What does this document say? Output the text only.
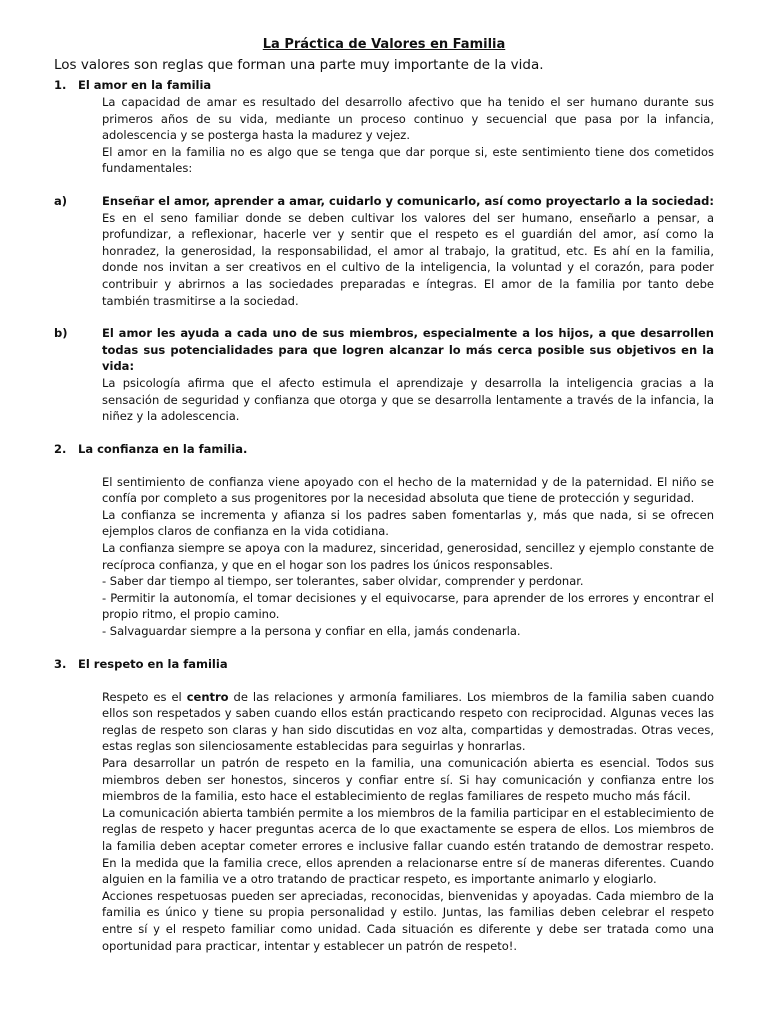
La Práctica de Valores en Familia

Los valores son reglas que forman una parte muy importante de la vida.

1. El amor en la familia

La capacidad de amar es resultado del desarrollo afectivo que ha tenido el ser humano durante sus primeros años de su vida, mediante un proceso continuo y secuencial que pasa por la infancia, adolescencia y se posterga hasta la madurez y vejez.

El amor en la familia no es algo que se tenga que dar porque si, este sentimiento tiene dos cometidos fundamentales:

a)	Enseñar el amor, aprender a amar, cuidarlo y comunicarlo, así como proyectarlo a la sociedad:

Es en el seno familiar donde se deben cultivar los valores del ser humano, enseñarlo a pensar, a profundizar, a reflexionar, hacerle ver y sentir que el respeto es el guardián del amor, así como la honradez, la generosidad, la responsabilidad, el amor al trabajo, la gratitud, etc. Es ahí en la familia, donde nos invitan a ser creativos en el cultivo de la inteligencia, la voluntad y el corazón, para poder contribuir y abrirnos a las sociedades preparadas e íntegras. El amor de la familia por tanto debe también trasmitirse a la sociedad.

b)	El amor les ayuda a cada uno de sus miembros, especialmente a los hijos, a que desarrollen todas sus potencialidades para que logren alcanzar lo más cerca posible sus objetivos en la vida:

La psicología afirma que el afecto estimula el aprendizaje y desarrolla la inteligencia gracias a la sensación de seguridad y confianza que otorga y que se desarrolla lentamente a través de la infancia, la niñez y la adolescencia.

2. La confianza en la familia.

El sentimiento de confianza viene apoyado con el hecho de la maternidad y de la paternidad. El niño se confía por completo a sus progenitores por la necesidad absoluta que tiene de protección y seguridad.

La confianza se incrementa y afianza si los padres saben fomentarlas y, más que nada, si se ofrecen ejemplos claros de confianza en la vida cotidiana.

La confianza siempre se apoya con la madurez, sinceridad, generosidad, sencillez y ejemplo constante de recíproca confianza, y que en el hogar son los padres los únicos responsables.

- Saber dar tiempo al tiempo, ser tolerantes, saber olvidar, comprender y perdonar.

- Permitir la autonomía, el tomar decisiones y el equivocarse, para aprender de los errores y encontrar el propio ritmo, el propio camino.

- Salvaguardar siempre a la persona y confiar en ella, jamás condenarla.

3. El respeto en la familia

Respeto es el centro de las relaciones y armonía familiares. Los miembros de la familia saben cuando ellos son respetados y saben cuando ellos están practicando respeto con reciprocidad. Algunas veces las reglas de respeto son claras y han sido discutidas en voz alta, compartidas y demostradas. Otras veces, estas reglas son silenciosamente establecidas para seguirlas y honrarlas.

Para desarrollar un patrón de respeto en la familia, una comunicación abierta es esencial. Todos sus miembros deben ser honestos, sinceros y confiar entre sí. Si hay comunicación y confianza entre los miembros de la familia, esto hace el establecimiento de reglas familiares de respeto mucho más fácil.

La comunicación abierta también permite a los miembros de la familia participar en el establecimiento de reglas de respeto y hacer preguntas acerca de lo que exactamente se espera de ellos. Los miembros de la familia deben aceptar cometer errores e inclusive fallar cuando estén tratando de demostrar respeto. En la medida que la familia crece, ellos aprenden a relacionarse entre sí de maneras diferentes. Cuando alguien en la familia ve a otro tratando de practicar respeto, es importante animarlo y elogiarlo.

Acciones respetuosas pueden ser apreciadas, reconocidas, bienvenidas y apoyadas. Cada miembro de la familia es único y tiene su propia personalidad y estilo. Juntas, las familias deben celebrar el respeto entre sí y el respeto familiar como unidad. Cada situación es diferente y debe ser tratada como una oportunidad para practicar, intentar y establecer un patrón de respeto!.
